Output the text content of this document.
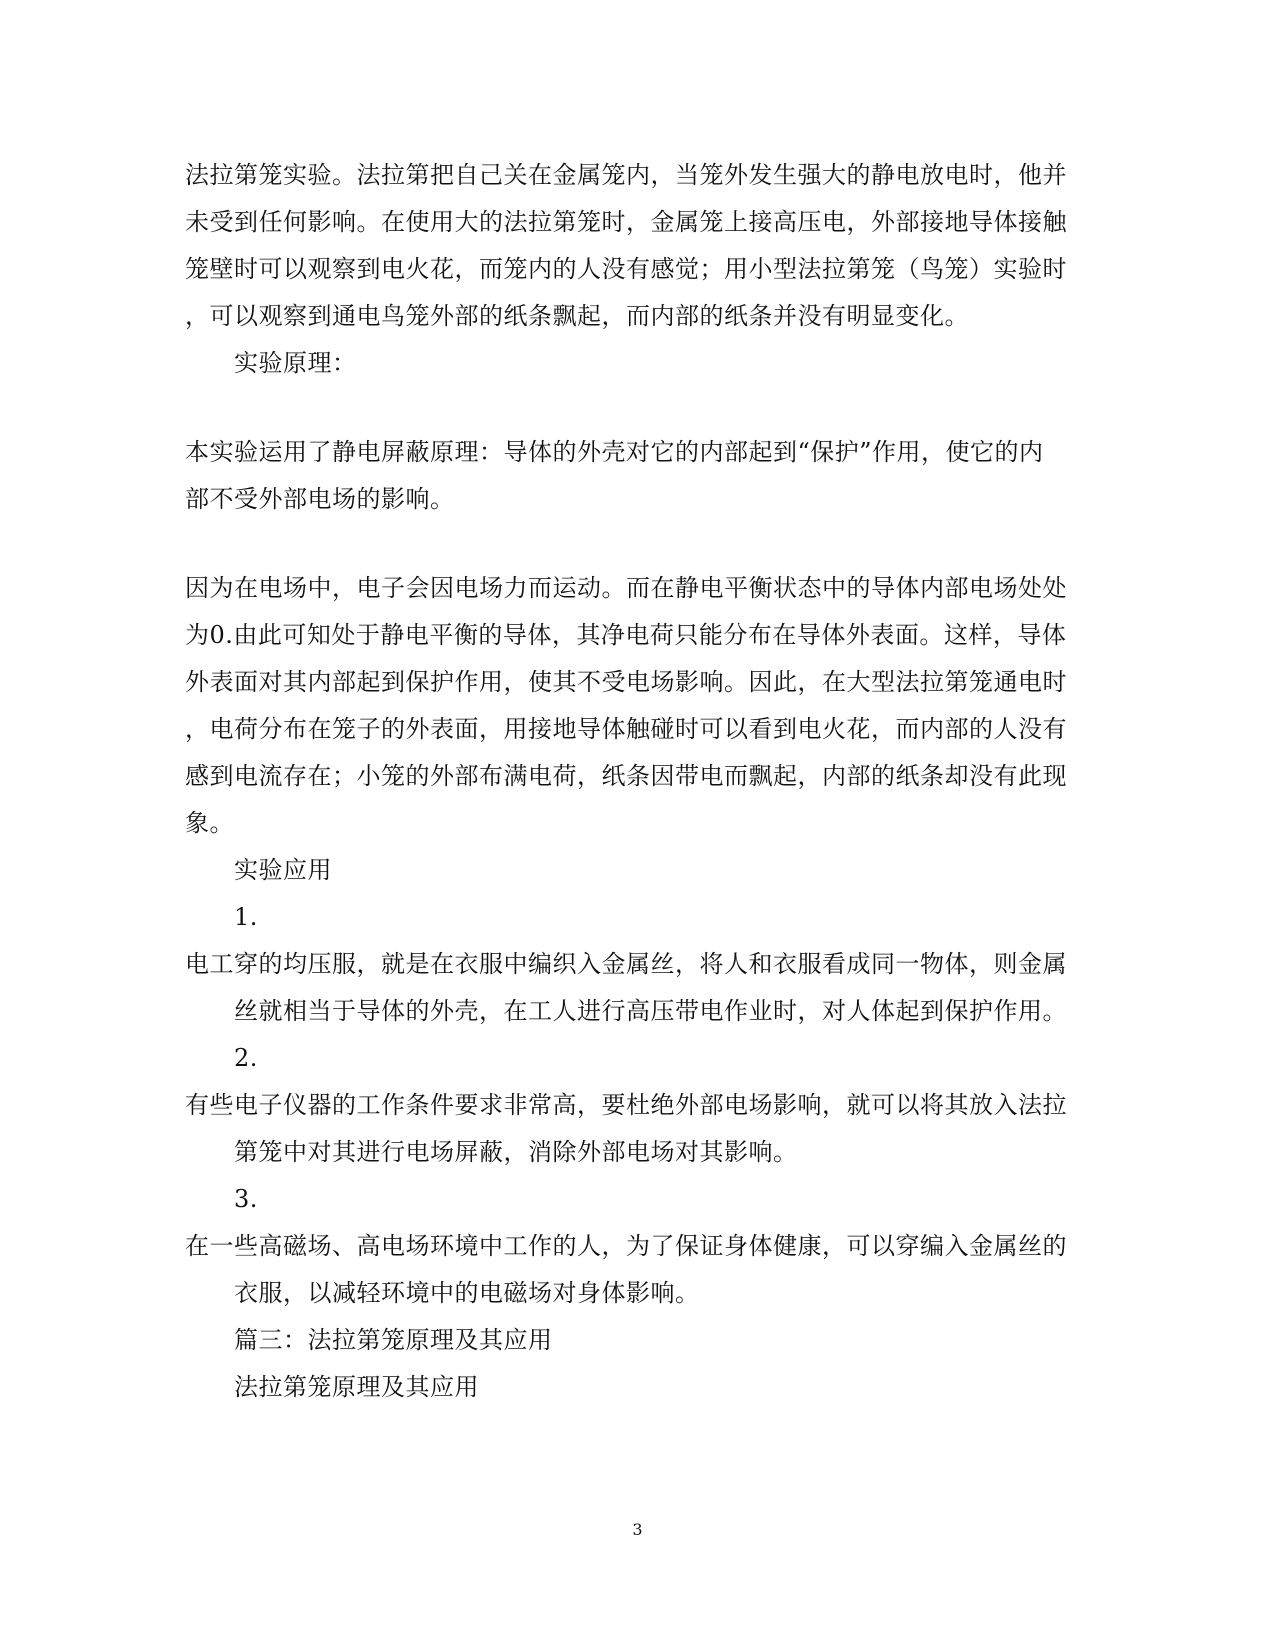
法拉第笼实验。法拉第把自己关在金属笼内，当笼外发生强大的静电放电时，他并
未受到任何影响。在使用大的法拉第笼时，金属笼上接高压电，外部接地导体接触
笼壁时可以观察到电火花，而笼内的人没有感觉；用小型法拉第笼（鸟笼）实验时
，可以观察到通电鸟笼外部的纸条飘起，而内部的纸条并没有明显变化。
实验原理：
本实验运用了静电屏蔽原理：导体的外壳对它的内部起到“保护”作用，使它的内
部不受外部电场的影响。
因为在电场中，电子会因电场力而运动。而在静电平衡状态中的导体内部电场处处
为0.由此可知处于静电平衡的导体，其净电荷只能分布在导体外表面。这样，导体
外表面对其内部起到保护作用，使其不受电场影响。因此，在大型法拉第笼通电时
，电荷分布在笼子的外表面，用接地导体触碰时可以看到电火花，而内部的人没有
感到电流存在；小笼的外部布满电荷，纸条因带电而飘起，内部的纸条却没有此现
象。
实验应用
1.
电工穿的均压服，就是在衣服中编织入金属丝，将人和衣服看成同一物体，则金属
丝就相当于导体的外壳，在工人进行高压带电作业时，对人体起到保护作用。
2.
有些电子仪器的工作条件要求非常高，要杜绝外部电场影响，就可以将其放入法拉
第笼中对其进行电场屏蔽，消除外部电场对其影响。
3.
在一些高磁场、高电场环境中工作的人，为了保证身体健康，可以穿编入金属丝的
衣服，以减轻环境中的电磁场对身体影响。
篇三：法拉第笼原理及其应用
法拉第笼原理及其应用
3
